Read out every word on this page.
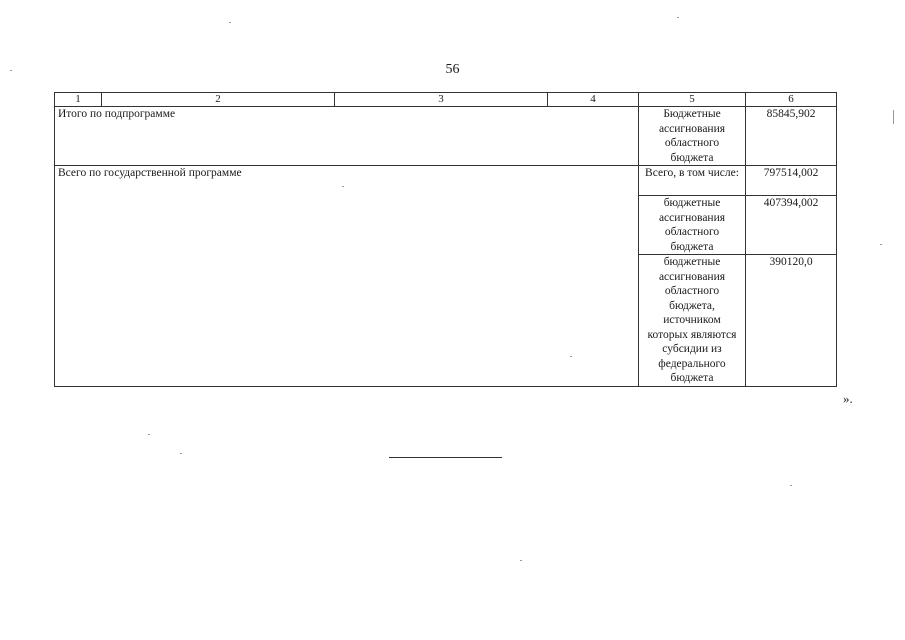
56
1	2	3	4	5	6
Итого по подпрограмме				Бюджетные ассигнования областного бюджета	85845,902
Всего по государственной программе				Всего, в том числе:	797514,002
				бюджетные ассигнования областного бюджета	407394,002
				бюджетные ассигнования областного бюджета, источником которых являются субсидии из федерального бюджета	390120,0
».
